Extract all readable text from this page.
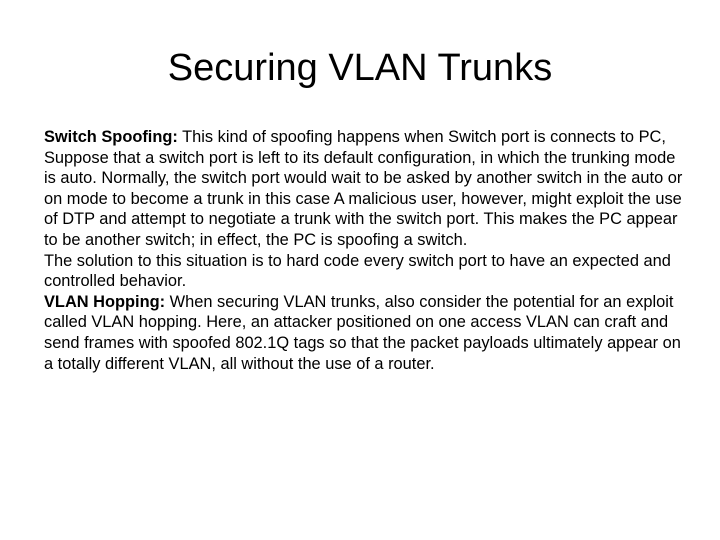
Securing VLAN Trunks

Switch Spoofing: This kind of spoofing happens when Switch port is connects to PC, Suppose that a switch port is left to its default configuration, in which the trunking mode is auto. Normally, the switch port would wait to be asked by another switch in the auto or on mode to become a trunk in this case A malicious user, however, might exploit the use of DTP and attempt to negotiate a trunk with the switch port. This makes the PC appear to be another switch; in effect, the PC is spoofing a switch.

The solution to this situation is to hard code every switch port to have an expected and controlled behavior.

VLAN Hopping: When securing VLAN trunks, also consider the potential for an exploit called VLAN hopping. Here, an attacker positioned on one access VLAN can craft and send frames with spoofed 802.1Q tags so that the packet payloads ultimately appear on a totally different VLAN, all without the use of a router.
